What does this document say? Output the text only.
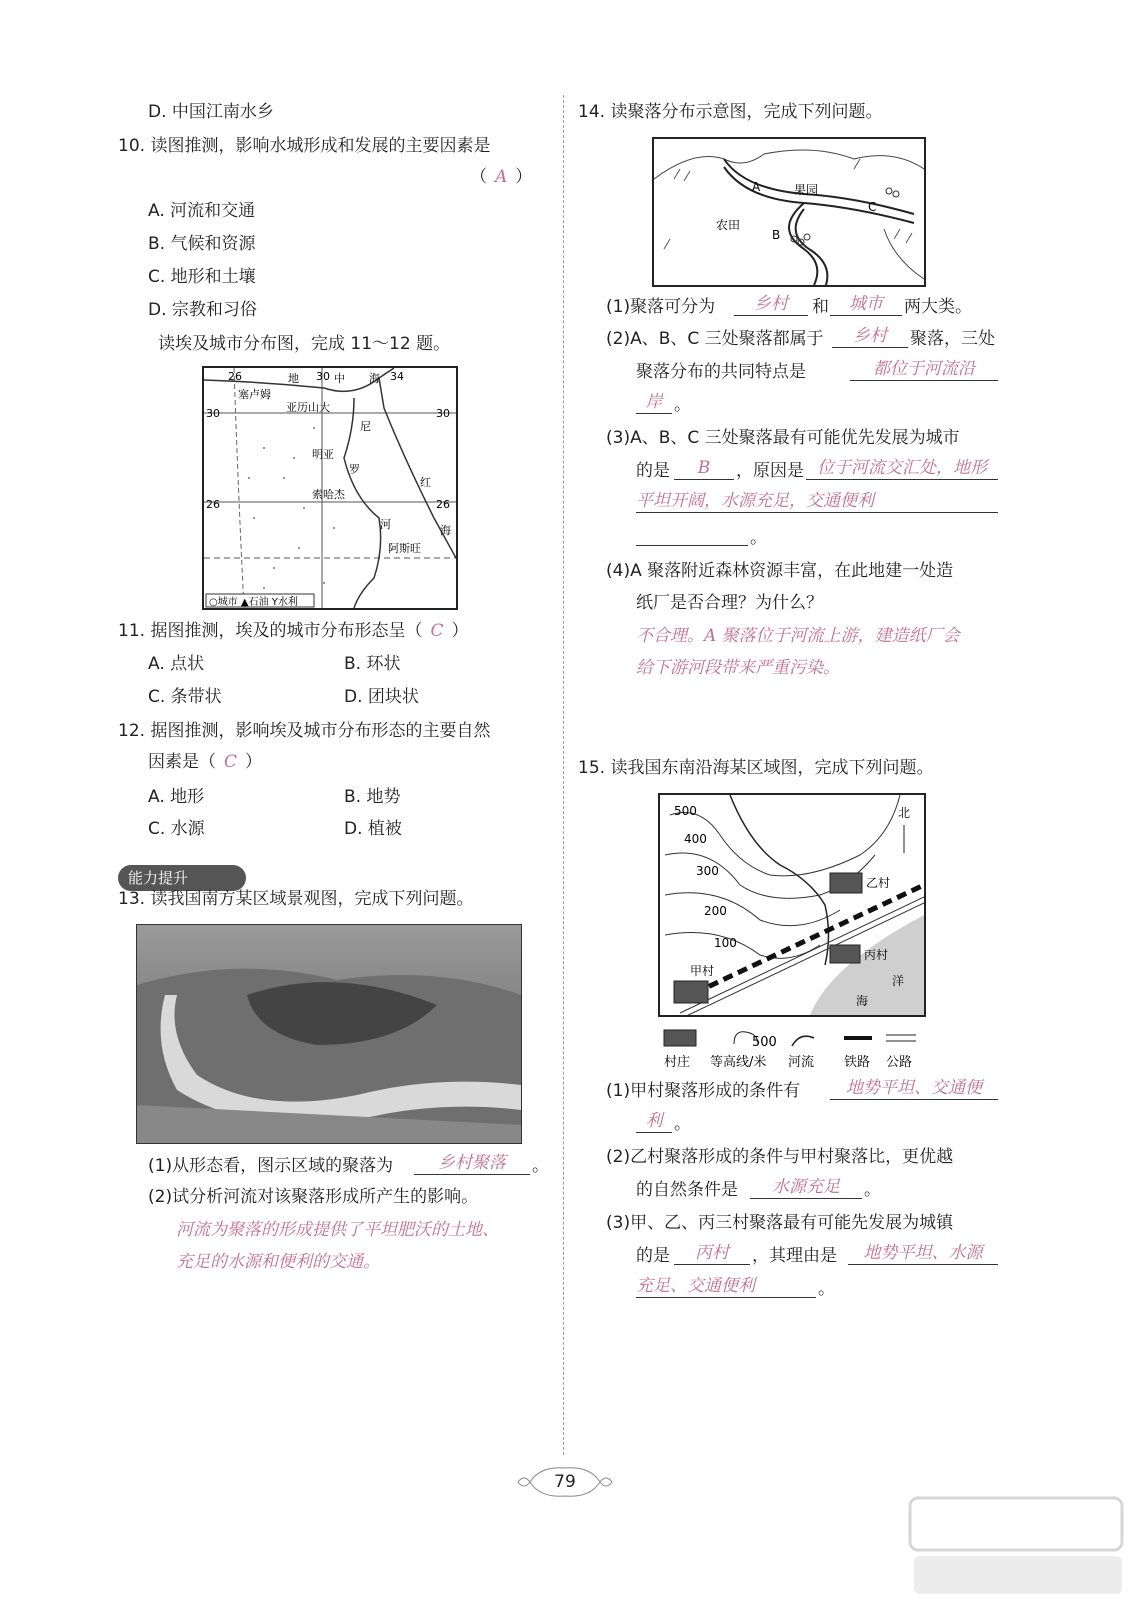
D. 中国江南水乡
10. 读图推测，影响水城形成和发展的主要因素是
（ A ）
A. 河流和交通
B. 气候和资源
C. 地形和土壤
D. 宗教和习俗
读埃及城市分布图，完成 11～12 题。
26	地 30 中 海 34
塞卢姆
亚历山大
30	30
尼
明亚
罗
红
索哈杰
26	26
河	海
阿斯旺
○城市 ▲石油 Y水利
11. 据图推测，埃及的城市分布形态呈（ C ）
A. 点状	B. 环状
C. 条带状	D. 团块状
12. 据图推测，影响埃及城市分布形态的主要自然
因素是（ C ）
A. 地形	B. 地势
C. 水源	D. 植被
能力提升
13. 读我国南方某区域景观图，完成下列问题。
(1)从形态看，图示区域的聚落为	乡村聚落	。
(2)试分析河流对该聚落形成所产生的影响。
河流为聚落的形成提供了平坦肥沃的土地、
充足的水源和便利的交通。
14. 读聚落分布示意图，完成下列问题。
A	果园
C
农田
B
(1)聚落可分为	乡村	和	城市	两大类。
(2)A、B、C 三处聚落都属于	乡村	聚落，三处
聚落分布的共同特点是	都位于河流沿
岸 。
(3)A、B、C 三处聚落最有可能优先发展为城市
的是	B	，原因是 位于河流交汇处，地形
平坦开阔，水源充足，交通便利
。
(4)A 聚落附近森林资源丰富，在此地建一处造
纸厂是否合理？为什么？
不合理。A 聚落位于河流上游，建造纸厂会
给下游河段带来严重污染。
15. 读我国东南沿海某区域图，完成下列问题。
500
400
300
200
100
北
乙村
丙村
甲村
洋
海
500
村庄 等高线/米 河流 铁路 公路
(1)甲村聚落形成的条件有	地势平坦、交通便
利 。
(2)乙村聚落形成的条件与甲村聚落比，更优越
的自然条件是	水源充足	。
(3)甲、乙、丙三村聚落最有可能先发展为城镇
的是	丙村	，其理由是	地势平坦、水源
充足、交通便利	。
79
